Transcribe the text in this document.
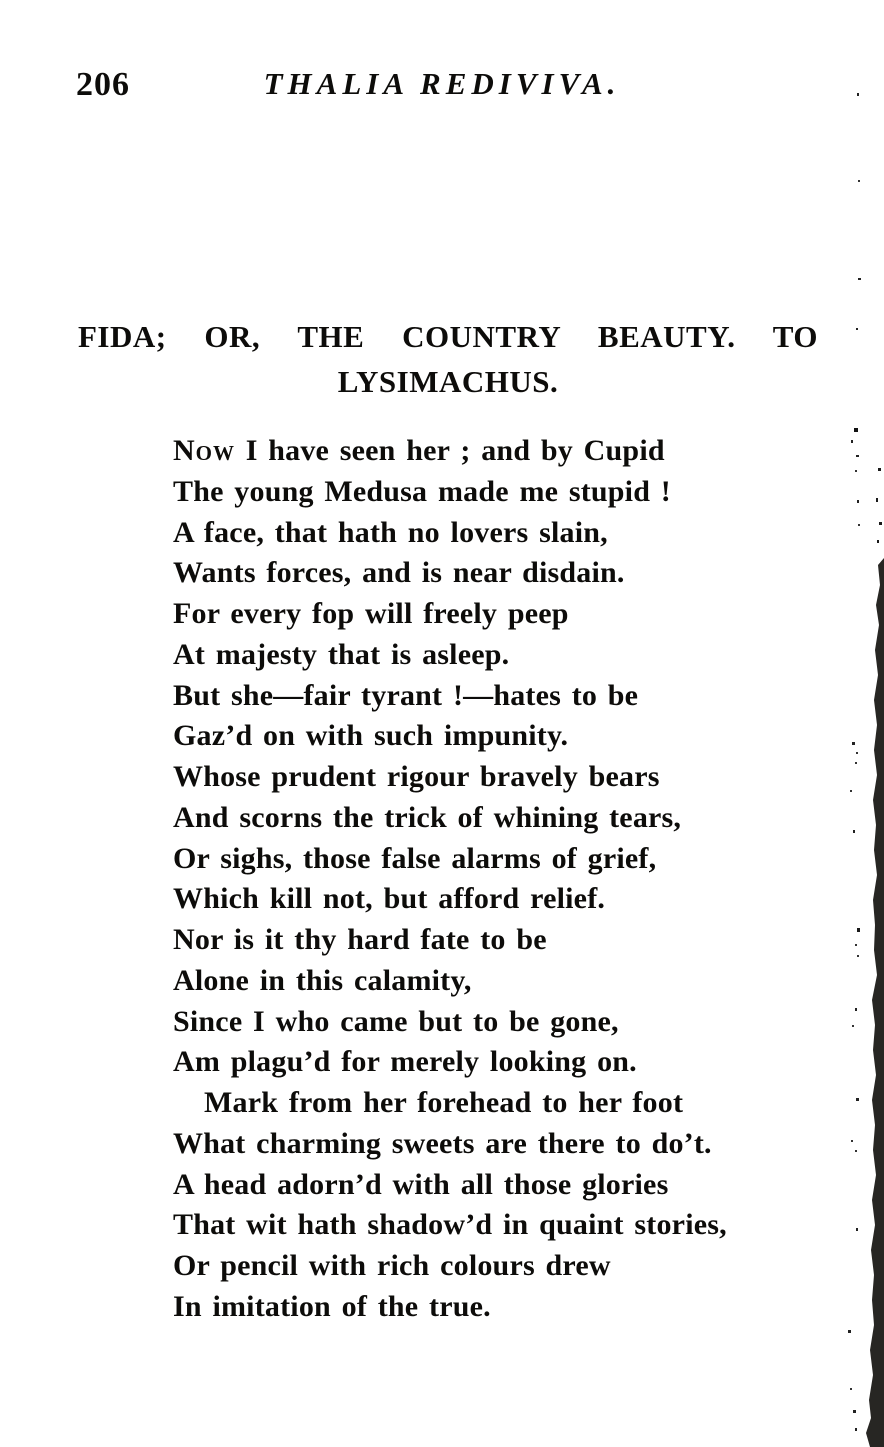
206	THALIA REDIVIVA.
FIDA; OR, THE COUNTRY BEAUTY. TO
LYSIMACHUS.
Now I have seen her ; and by Cupid
The young Medusa made me stupid !
A face, that hath no lovers slain,
Wants forces, and is near disdain.
For every fop will freely peep
At majesty that is asleep.
But she—fair tyrant !—hates to be
Gaz’d on with such impunity.
Whose prudent rigour bravely bears
And scorns the trick of whining tears,
Or sighs, those false alarms of grief,
Which kill not, but afford relief.
Nor is it thy hard fate to be
Alone in this calamity,
Since I who came but to be gone,
Am plagu’d for merely looking on.
Mark from her forehead to her foot
What charming sweets are there to do’t.
A head adorn’d with all those glories
That wit hath shadow’d in quaint stories,
Or pencil with rich colours drew
In imitation of the true.
